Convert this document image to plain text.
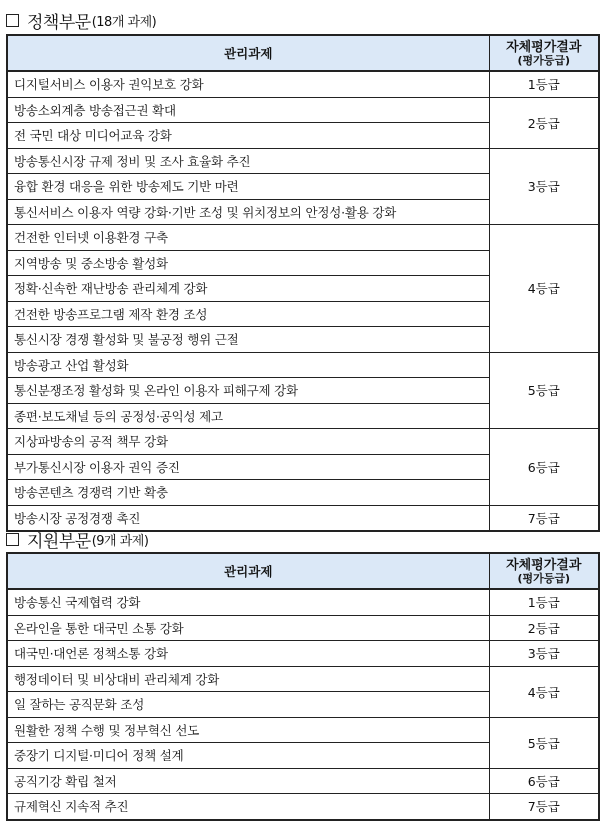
정책부문 (18개 과제)
관리과제	자체평가결과
(평가등급)

디지털서비스 이용자 권익보호 강화	1등급
방송소외계층 방송접근권 확대	2등급
전 국민 대상 미디어교육 강화	
방송통신시장 규제 정비 및 조사 효율화 추진	3등급
융합 환경 대응을 위한 방송제도 기반 마련	
통신서비스 이용자 역량 강화·기반 조성 및 위치정보의 안정성·활용 강화	
건전한 인터넷 이용환경 구축	4등급
지역방송 및 중소방송 활성화	
정확·신속한 재난방송 관리체계 강화	
건전한 방송프로그램 제작 환경 조성	
통신시장 경쟁 활성화 및 불공정 행위 근절	
방송광고 산업 활성화	5등급
통신분쟁조정 활성화 및 온라인 이용자 피해구제 강화	
종편·보도채널 등의 공정성·공익성 제고	
지상파방송의 공적 책무 강화	6등급
부가통신시장 이용자 권익 증진	
방송콘텐츠 경쟁력 기반 확충	
방송시장 공정경쟁 촉진	7등급
지원부문 (9개 과제)
관리과제	자체평가결과
(평가등급)

방송통신 국제협력 강화	1등급
온라인을 통한 대국민 소통 강화	2등급
대국민·대언론 정책소통 강화	3등급
행정데이터 및 비상대비 관리체계 강화	4등급
일 잘하는 공직문화 조성	
원활한 정책 수행 및 정부혁신 선도	5등급
중장기 디지털·미디어 정책 설계	
공직기강 확립 철저	6등급
규제혁신 지속적 추진	7등급
